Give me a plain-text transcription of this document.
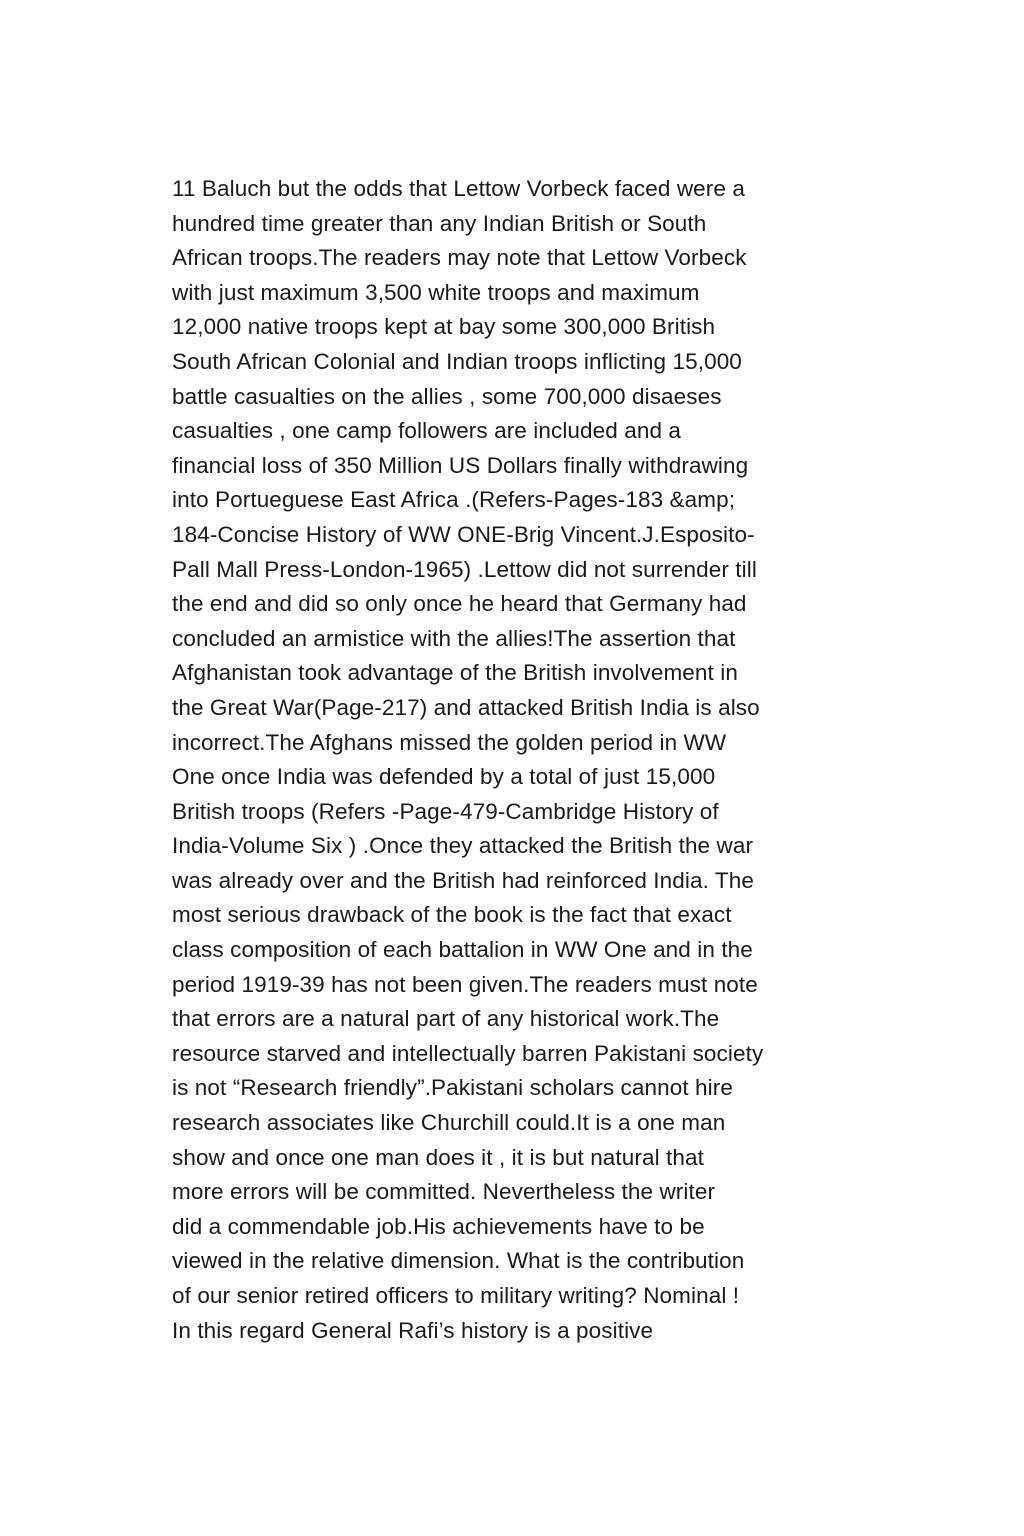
11 Baluch but the odds that Lettow Vorbeck faced were a
hundred time greater than any Indian British or South
African troops.The readers may note that Lettow Vorbeck
with just maximum 3,500 white troops and maximum
12,000 native troops kept at bay some 300,000 British
South African Colonial and Indian troops inflicting 15,000
battle casualties on the allies , some 700,000 disaeses
casualties , one camp followers are included and a
financial loss of 350 Million US Dollars finally withdrawing
into Portueguese East Africa .(Refers-Pages-183 &amp;
184-Concise History of WW ONE-Brig Vincent.J.Esposito-
Pall Mall Press-London-1965) .Lettow did not surrender till
the end and did so only once he heard that Germany had
concluded an armistice with the allies!The assertion that
Afghanistan took advantage of the British involvement in
the Great War(Page-217) and attacked British India is also
incorrect.The Afghans missed the golden period in WW
One once India was defended by a total of just 15,000
British troops (Refers -Page-479-Cambridge History of
India-Volume Six ) .Once they attacked the British the war
was already over and the British had reinforced India. The
most serious drawback of the book is the fact that exact
class composition of each battalion in WW One and in the
period 1919-39 has not been given.The readers must note
that errors are a natural part of any historical work.The
resource starved and intellectually barren Pakistani society
is not “Research friendly”.Pakistani scholars cannot hire
research associates like Churchill could.It is a one man
show and once one man does it , it is but natural that
more errors will be committed. Nevertheless the writer
did a commendable job.His achievements have to be
viewed in the relative dimension. What is the contribution
of our senior retired officers to military writing? Nominal !
In this regard General Rafi’s history is a positive
